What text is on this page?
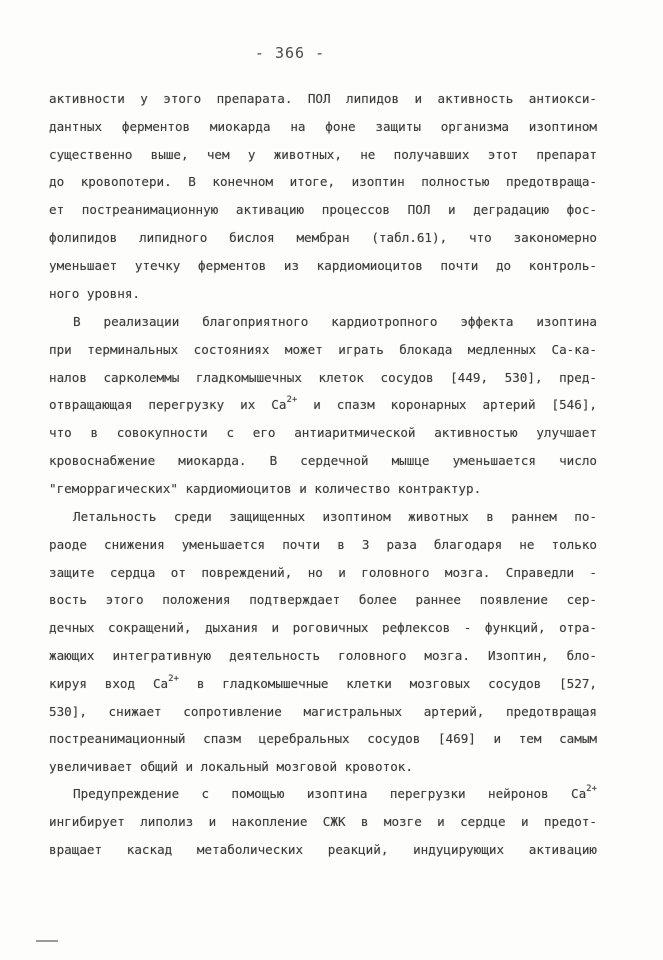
- 366 -
активности у этого препарата. ПОЛ липидов и активность антиокси-
дантных ферментов миокарда на фоне защиты организма изоптином
существенно выше, чем у животных, не получавших этот препарат
до кровопотери. В конечном итоге, изоптин полностью предотвраща-
ет постреанимационную активацию процессов ПОЛ и деградацию фос-
фолипидов липидного бислоя мембран (табл.61), что закономерно
уменьшает утечку ферментов из кардиомиоцитов почти до контроль-
ного уровня.
В реализации благоприятного кардиотропного эффекта изоптина
при терминальных состояниях может играть блокада медленных Са-ка-
налов сарколеммы гладкомышечных клеток сосудов [449, 530], пред-
отвращающая перегрузку их $Са^{2+}$ и спазм коронарных артерий [546],
что в совокупности с его антиаритмической активностью улучшает
кровоснабжение миокарда. В сердечной мышце уменьшается число
"геморрагических" кардиомиоцитов и количество контрактур.
Летальность среди защищенных изоптином животных в раннем по-
раоде снижения уменьшается почти в 3 раза благодаря не только
защите сердца от повреждений, но и головного мозга. Справедли -
вость этого положения подтверждает более раннее появление сер-
дечных сокращений, дыхания и роговичных рефлексов - функций, отра-
жающих интегративную деятельность головного мозга. Изоптин, бло-
кируя вход $Са^{2+}$ в гладкомышечные клетки мозговых сосудов [527,
530], снижает сопротивление магистральных артерий, предотвращая
постреанимационный спазм церебральных сосудов [469] и тем самым
увеличивает общий и локальный мозговой кровоток.
Предупреждение с помощью изоптина перегрузки нейронов $Са^{2+}$
ингибирует липолиз и накопление СЖК в мозге и сердце и предот-
вращает каскад метаболических реакций, индуцирующих активацию
